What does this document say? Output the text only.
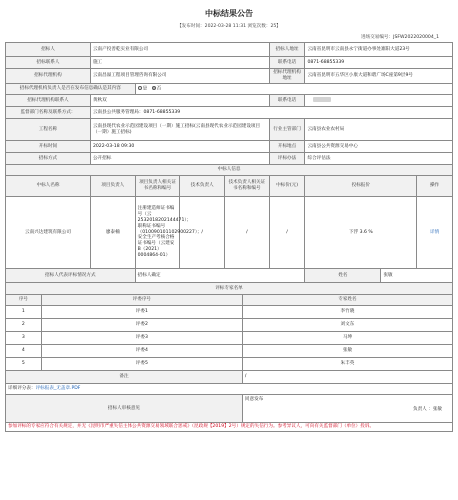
中标结果公告
【发布时间：2022-03-28 11:31 浏览次数：25】
进场交易编号：JSFW2022020004_1
招标人	云南产投善乾实业有限公司				招标人地址	云南省昆明市云南县永宁街道办事处寨阳大道23号		
招标联系人	施工				联系电话	0871-68855339		
招标代理机构	云南昌溢工程项目管理咨询有限公司				招标代理机构地址	云南省昆明市五华区小康大道和谐广场C座第9层9号		
招标代理机构负责人是否在发布信息确认是其内容		是 否						
招标代理机构联系人	黄秋双				联系电话			
监督部门名称及联系方式：	云南县公共服务管理局：0871-68855339							
工程名称	云南县现代农业示范园建设项目（一期）施工招标(云南县现代农业示范园建设项目（一期）施工招标)				行业主管部门	云南县农业农村局		
开标时间	2022-03-18 09:30				开标地点	云南县公共资源交易中心		
招标方式	公开招标				评标办法	综合评估法		
中标人信息								
中标人名称	项目负责人	项目负责人相关证书名称和编号	技术负责人	技术负责人相关证书名称和编号	中标价(元)	投标报价		操作
云南兴达建筑有限公司	廖泰楠	注册建造师证书编号（云2532018202144471）；职称证书编号（010090101102900227）；安全生产考核合格证书编号（云建安B（2021）0004864-01）	/	/	/	下浮 3.6 %		详情
招标人代表评标情况方式		招标人确定				姓名	张敏	
评标专家名单		
序号	评委序号	专家姓名
1	评委1	李竹晓
2	评委2	刘文东
3	评委3	马坤
4	评委4	张敏
5	评委5	朱丰英
备注		/
详细评分表：评标报表_无盖章.PDF		
招标人审核意见		同意发布
负责人 ：张敏

参加评标的专家应符合有关规定，并无《昆明市严重失信主体公共资源交易领域联合惩戒》（昆政规【2019】2号）规定的失信行为。参考异议人，可向有关监督部门（单位）投诉。		
